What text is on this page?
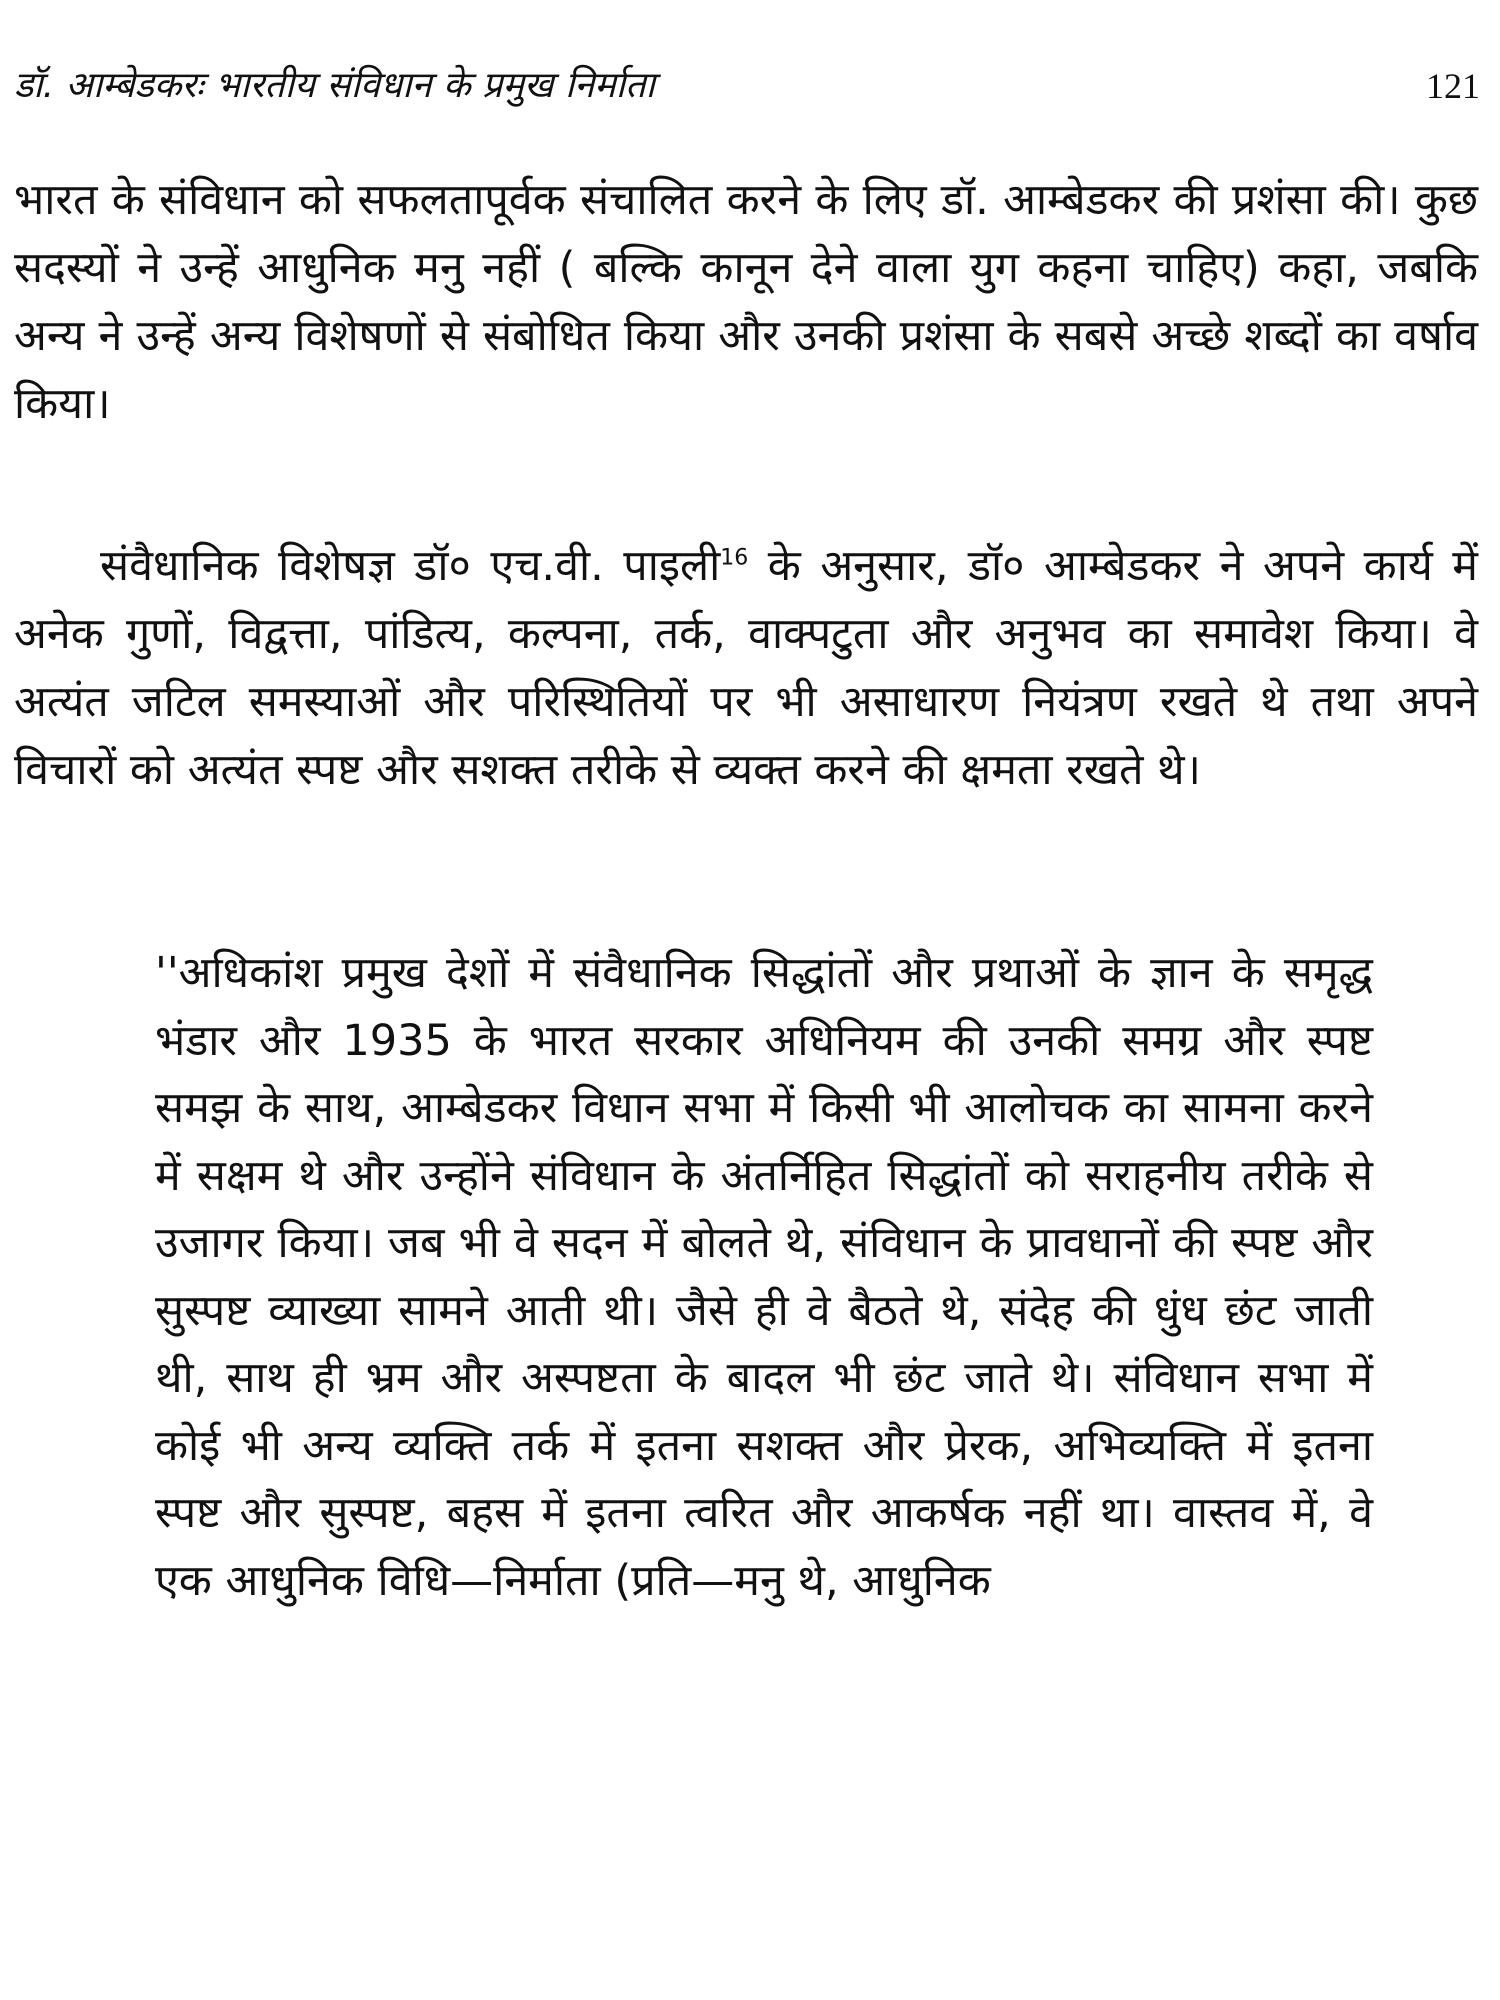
डॉ. आम्बेडकरः भारतीय संविधान के प्रमुख निर्माता	121

भारत के संविधान को सफलतापूर्वक संचालित करने के लिए डॉ. आम्बेडकर की प्रशंसा की। कुछ सदस्यों ने उन्हें आधुनिक मनु नहीं ( बल्कि कानून देने वाला युग कहना चाहिए) कहा, जबकि अन्य ने उन्हें अन्य विशेषणों से संबोधित किया और उनकी प्रशंसा के सबसे अच्छे शब्दों का वर्षाव किया।

संवैधानिक विशेषज्ञ डॉ० एच.वी. पाइली$^{16}$ के अनुसार, डॉ० आम्बेडकर ने अपने कार्य में अनेक गुणों, विद्वत्ता, पांडित्य, कल्पना, तर्क, वाक्पटुता और अनुभव का समावेश किया। वे अत्यंत जटिल समस्याओं और परिस्थितियों पर भी असाधारण नियंत्रण रखते थे तथा अपने विचारों को अत्यंत स्पष्ट और सशक्त तरीके से व्यक्त करने की क्षमता रखते थे।

''अधिकांश प्रमुख देशों में संवैधानिक सिद्धांतों और प्रथाओं के ज्ञान के समृद्ध भंडार और 1935 के भारत सरकार अधिनियम की उनकी समग्र और स्पष्ट समझ के साथ, आम्बेडकर विधान सभा में किसी भी आलोचक का सामना करने में सक्षम थे और उन्होंने संविधान के अंतर्निहित सिद्धांतों को सराहनीय तरीके से उजागर किया। जब भी वे सदन में बोलते थे, संविधान के प्रावधानों की स्पष्ट और सुस्पष्ट व्याख्या सामने आती थी। जैसे ही वे बैठते थे, संदेह की धुंध छंट जाती थी, साथ ही भ्रम और अस्पष्टता के बादल भी छंट जाते थे। संविधान सभा में कोई भी अन्य व्यक्ति तर्क में इतना सशक्त और प्रेरक, अभिव्यक्ति में इतना स्पष्ट और सुस्पष्ट, बहस में इतना त्वरित और आकर्षक नहीं था। वास्तव में, वे एक आधुनिक विधि—निर्माता (प्रति—मनु थे, आधुनिक
